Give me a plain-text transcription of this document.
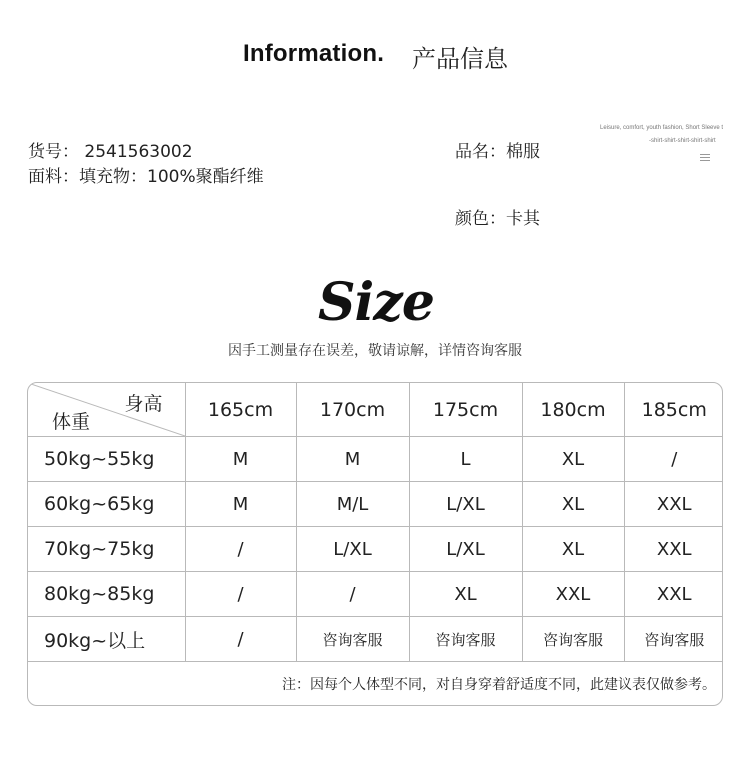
Information. 产品信息
货号： 2541563002
面料：填充物：100%聚酯纤维
品名：棉服
颜色：卡其
Leisure, comfort, youth fashion, Short Sleeve t
-shirt-shirt-shirt-shirt-shirt
Size
因手工测量存在误差，敬请谅解，详情咨询客服
身高
体重	165cm	170cm	175cm	180cm	185cm
50kg~55kg	M	M	L	XL	/
60kg~65kg	M	M/L	L/XL	XL	XXL
70kg~75kg	/	L/XL	L/XL	XL	XXL
80kg~85kg	/	/	XL	XXL	XXL
90kg~以上	/	咨询客服	咨询客服	咨询客服	咨询客服
注：因每个人体型不同，对自身穿着舒适度不同，此建议表仅做参考。					
